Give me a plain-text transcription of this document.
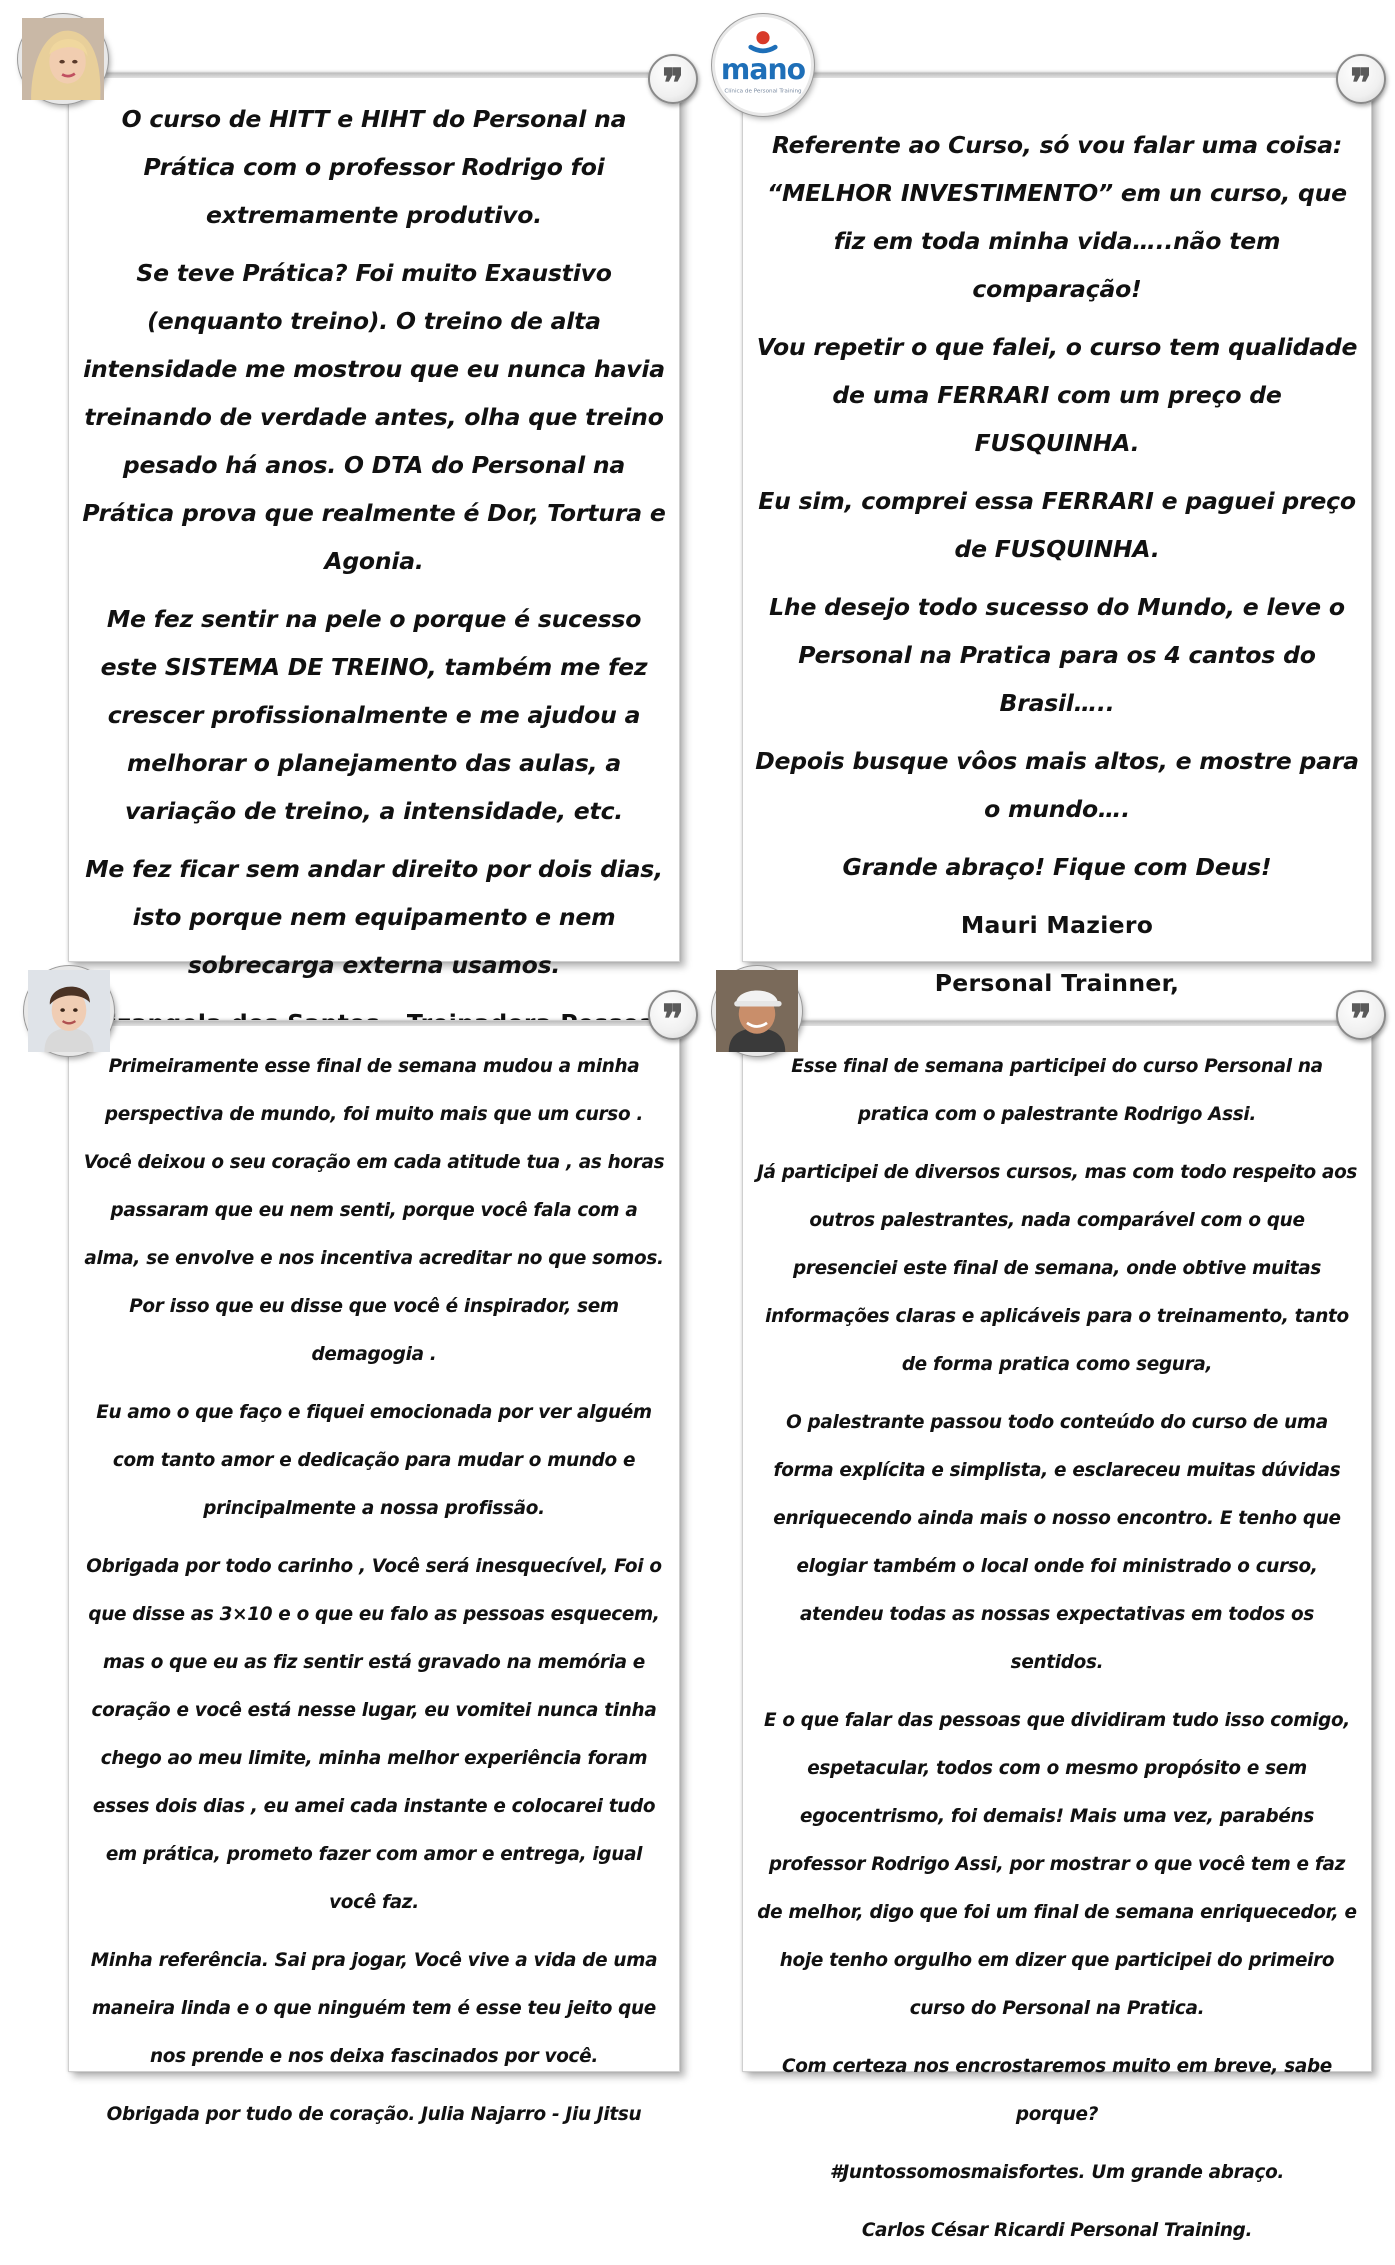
O curso de HITT e HIHT do Personal na Prática com o professor Rodrigo foi extremamente produtivo.

Se teve Prática? Foi muito Exaustivo (enquanto treino). O treino de alta intensidade me mostrou que eu nunca havia treinando de verdade antes, olha que treino pesado há anos. O DTA do Personal na Prática prova que realmente é Dor, Tortura e Agonia.

Me fez sentir na pele o porque é sucesso este SISTEMA DE TREINO, também me fez crescer profissionalmente e me ajudou a melhorar o planejamento das aulas, a variação de treino, a intensidade, etc.

Me fez ficar sem andar direito por dois dias, isto porque nem equipamento e nem sobrecarga externa usamos.

Referente ao Curso, só vou falar uma coisa: “MELHOR INVESTIMENTO” em un curso, que fiz em toda minha vida…..não tem comparação!

Vou repetir o que falei, o curso tem qualidade de uma FERRARI com um preço de FUSQUINHA.

Eu sim, comprei essa FERRARI e paguei preço de FUSQUINHA.

Lhe desejo todo sucesso do Mundo, e leve o Personal na Pratica para os 4 cantos do Brasil…..

Depois busque vôos mais altos, e mostre para o mundo….

Grande abraço! Fique com Deus!

Mauri Maziero

Personal Trainner,

Primeiramente esse final de semana mudou a minha perspectiva de mundo, foi muito mais que um curso . Você deixou o seu coração em cada atitude tua , as horas passaram que eu nem senti, porque você fala com a alma, se envolve e nos incentiva acreditar no que somos. Por isso que eu disse que você é inspirador, sem demagogia .

Eu amo o que faço e fiquei emocionada por ver alguém com tanto amor e dedicação para mudar o mundo e principalmente a nossa profissão.

Obrigada por todo carinho , Você será inesquecível, Foi o que disse as 3×10 e o que eu falo as pessoas esquecem, mas o que eu as fiz sentir está gravado na memória e coração e você está nesse lugar, eu vomitei nunca tinha chego ao meu limite, minha melhor experiência foram esses dois dias , eu amei cada instante e colocarei tudo em prática, prometo fazer com amor e entrega, igual você faz.

Minha referência. Sai pra jogar, Você vive a vida de uma maneira linda e o que ninguém tem é esse teu jeito que nos prende e nos deixa fascinados por você.

Obrigada por tudo de coração. Julia Najarro - Jiu Jitsu

Esse final de semana participei do curso Personal na pratica com o palestrante Rodrigo Assi.

Já participei de diversos cursos, mas com todo respeito aos outros palestrantes, nada comparável com o que presenciei este final de semana, onde obtive muitas informações claras e aplicáveis para o treinamento, tanto de forma pratica como segura,

O palestrante passou todo conteúdo do curso de uma forma explícita e simplista, e esclareceu muitas dúvidas enriquecendo ainda mais o nosso encontro. E tenho que elogiar também o local onde foi ministrado o curso, atendeu todas as nossas expectativas em todos os sentidos.

E o que falar das pessoas que dividiram tudo isso comigo, espetacular, todos com o mesmo propósito e sem egocentrismo, foi demais! Mais uma vez, parabéns professor Rodrigo Assi, por mostrar o que você tem e faz de melhor, digo que foi um final de semana enriquecedor, e hoje tenho orgulho em dizer que participei do primeiro curso do Personal na Pratica.

Com certeza nos encrostaremos muito em breve, sabe porque?

#Juntossomosmaisfortes. Um grande abraço.

Carlos César Ricardi Personal Training.

mano
Clínica de Personal Training
❞	❞
❞	❞
